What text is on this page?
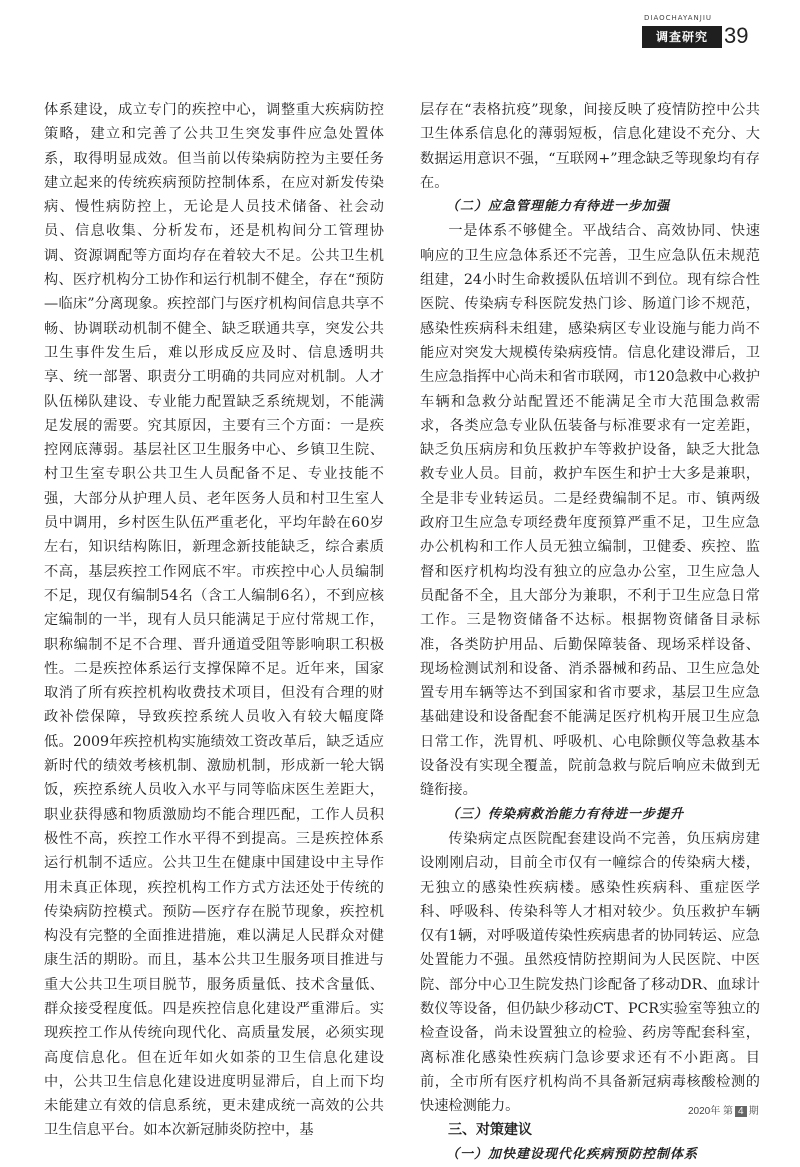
DIAOCHAYANJIU
调查研究 39

体系建设，成立专门的疾控中心，调整重大疾病防控策略，建立和完善了公共卫生突发事件应急处置体系，取得明显成效。但当前以传染病防控为主要任务建立起来的传统疾病预防控制体系，在应对新发传染病、慢性病防控上，无论是人员技术储备、社会动员、信息收集、分析发布，还是机构间分工管理协调、资源调配等方面均存在着较大不足。公共卫生机构、医疗机构分工协作和运行机制不健全，存在“预防—临床”分离现象。疾控部门与医疗机构间信息共享不畅、协调联动机制不健全、缺乏联通共享，突发公共卫生事件发生后，难以形成反应及时、信息透明共享、统一部署、职责分工明确的共同应对机制。人才队伍梯队建设、专业能力配置缺乏系统规划，不能满足发展的需要。究其原因，主要有三个方面：一是疾控网底薄弱。基层社区卫生服务中心、乡镇卫生院、村卫生室专职公共卫生人员配备不足、专业技能不强，大部分从护理人员、老年医务人员和村卫生室人员中调用，乡村医生队伍严重老化，平均年龄在60岁左右，知识结构陈旧，新理念新技能缺乏，综合素质不高，基层疾控工作网底不牢。市疾控中心人员编制不足，现仅有编制54名（含工人编制6名），不到应核定编制的一半，现有人员只能满足于应付常规工作，职称编制不足不合理、晋升通道受阻等影响职工积极性。二是疾控体系运行支撑保障不足。近年来，国家取消了所有疾控机构收费技术项目，但没有合理的财政补偿保障，导致疾控系统人员收入有较大幅度降低。2009年疾控机构实施绩效工资改革后，缺乏适应新时代的绩效考核机制、激励机制，形成新一轮大锅饭，疾控系统人员收入水平与同等临床医生差距大，职业获得感和物质激励均不能合理匹配，工作人员积极性不高，疾控工作水平得不到提高。三是疾控体系运行机制不适应。公共卫生在健康中国建设中主导作用未真正体现，疾控机构工作方式方法还处于传统的传染病防控模式。预防—医疗存在脱节现象，疾控机构没有完整的全面推进措施，难以满足人民群众对健康生活的期盼。而且，基本公共卫生服务项目推进与重大公共卫生项目脱节，服务质量低、技术含量低、群众接受程度低。四是疾控信息化建设严重滞后。实现疾控工作从传统向现代化、高质量发展，必须实现高度信息化。但在近年如火如荼的卫生信息化建设中，公共卫生信息化建设进度明显滞后，自上而下均未能建立有效的信息系统，更未建成统一高效的公共卫生信息平台。如本次新冠肺炎防控中，基

层存在“表格抗疫”现象，间接反映了疫情防控中公共卫生体系信息化的薄弱短板，信息化建设不充分、大数据运用意识不强，“互联网+”理念缺乏等现象均有存在。

（二）应急管理能力有待进一步加强

一是体系不够健全。平战结合、高效协同、快速响应的卫生应急体系还不完善，卫生应急队伍未规范组建，24小时生命救援队伍培训不到位。现有综合性医院、传染病专科医院发热门诊、肠道门诊不规范，感染性疾病科未组建，感染病区专业设施与能力尚不能应对突发大规模传染病疫情。信息化建设滞后，卫生应急指挥中心尚未和省市联网，市120急救中心救护车辆和急救分站配置还不能满足全市大范围急救需求，各类应急专业队伍装备与标准要求有一定差距，缺乏负压病房和负压救护车等救护设备，缺乏大批急救专业人员。目前，救护车医生和护士大多是兼职，全是非专业转运员。二是经费编制不足。市、镇两级政府卫生应急专项经费年度预算严重不足，卫生应急办公机构和工作人员无独立编制，卫健委、疾控、监督和医疗机构均没有独立的应急办公室，卫生应急人员配备不全，且大部分为兼职，不利于卫生应急日常工作。三是物资储备不达标。根据物资储备目录标准，各类防护用品、后勤保障装备、现场采样设备、现场检测试剂和设备、消杀器械和药品、卫生应急处置专用车辆等达不到国家和省市要求，基层卫生应急基础建设和设备配套不能满足医疗机构开展卫生应急日常工作，洗胃机、呼吸机、心电除颤仪等急救基本设备没有实现全覆盖，院前急救与院后响应未做到无缝衔接。

（三）传染病救治能力有待进一步提升

传染病定点医院配套建设尚不完善，负压病房建设刚刚启动，目前全市仅有一幢综合的传染病大楼，无独立的感染性疾病楼。感染性疾病科、重症医学科、呼吸科、传染科等人才相对较少。负压救护车辆仅有1辆，对呼吸道传染性疾病患者的协同转运、应急处置能力不强。虽然疫情防控期间为人民医院、中医院、部分中心卫生院发热门诊配备了移动DR、血球计数仪等设备，但仍缺少移动CT、PCR实验室等独立的检查设备，尚未设置独立的检验、药房等配套科室，离标准化感染性疾病门急诊要求还有不小距离。目前，全市所有医疗机构尚不具备新冠病毒核酸检测的快速检测能力。

三、对策建议

（一）加快建设现代化疾病预防控制体系

2020年 第 4 期
